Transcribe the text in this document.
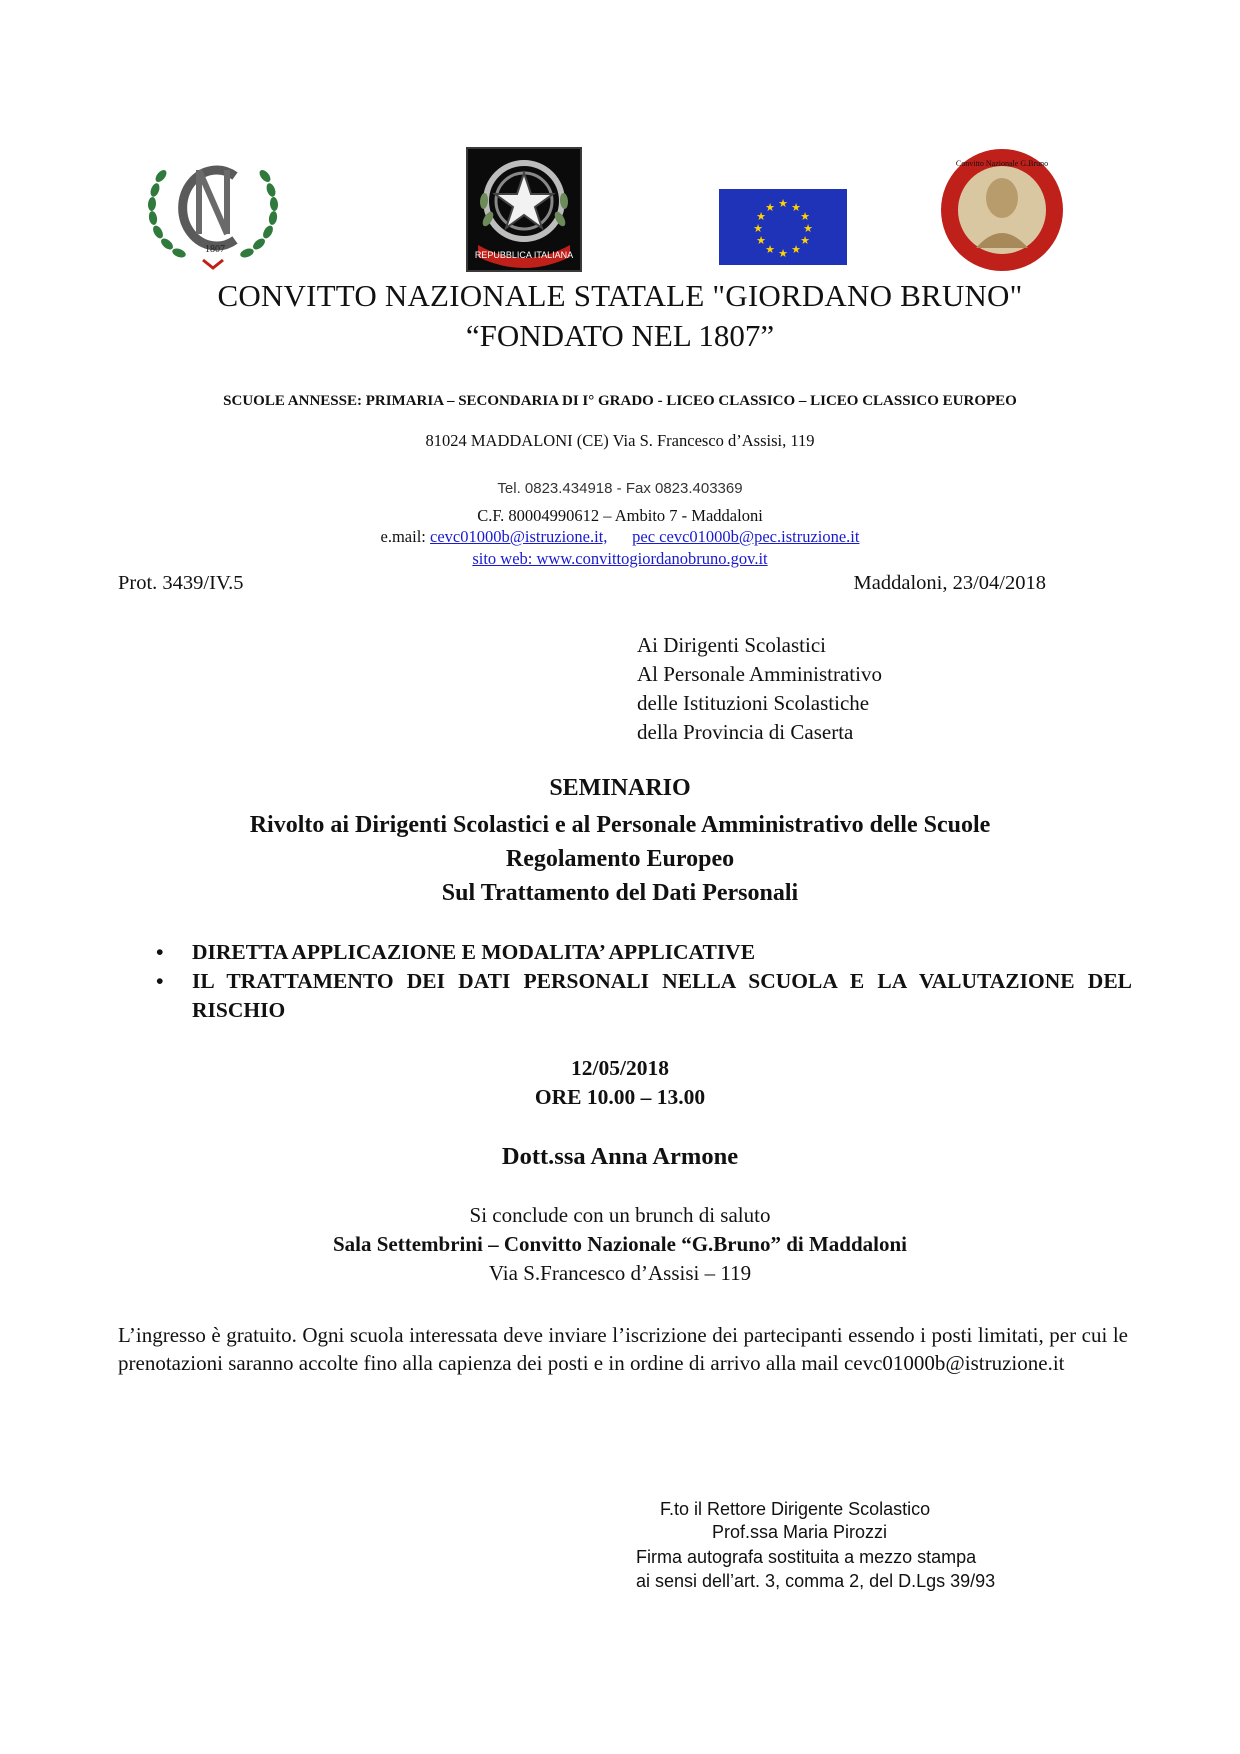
1807	REPUBBLICA ITALIANA
★ ★
★
★
★
★
★
★
★
★
★
★
Convitto Nazionale G.Bruno
CONVITTO NAZIONALE STATALE "GIORDANO BRUNO"
“FONDATO NEL 1807”
SCUOLE ANNESSE: PRIMARIA – SECONDARIA DI I° GRADO - LICEO CLASSICO – LICEO CLASSICO EUROPEO
81024 MADDALONI (CE) Via S. Francesco d’Assisi, 119
Tel. 0823.434918 - Fax 0823.403369
C.F. 80004990612 – Ambito 7 - Maddaloni
e.mail: cevc01000b@istruzione.it, pec cevc01000b@pec.istruzione.it
sito web: www.convittogiordanobruno.gov.it
Prot. 3439/IV.5	Maddaloni, 23/04/2018
Ai Dirigenti Scolastici
Al Personale Amministrativo
delle Istituzioni Scolastiche
della Provincia di Caserta
SEMINARIO
Rivolto ai Dirigenti Scolastici e al Personale Amministrativo delle Scuole
Regolamento Europeo
Sul Trattamento del Dati Personali
• DIRETTA APPLICAZIONE E MODALITA’ APPLICATIVE
• IL TRATTAMENTO DEI DATI PERSONALI NELLA SCUOLA E LA VALUTAZIONE DEL RISCHIO
12/05/2018
ORE 10.00 – 13.00
Dott.ssa Anna Armone
Si conclude con un brunch di saluto
Sala Settembrini – Convitto Nazionale “G.Bruno” di Maddaloni
Via S.Francesco d’Assisi – 119
L’ingresso è gratuito. Ogni scuola interessata deve inviare l’iscrizione dei partecipanti essendo i posti limitati, per cui le prenotazioni saranno accolte fino alla capienza dei posti e in ordine di arrivo alla mail cevc01000b@istruzione.it
F.to il Rettore Dirigente Scolastico
Prof.ssa Maria Pirozzi
Firma autografa sostituita a mezzo stampa
ai sensi dell’art. 3, comma 2, del D.Lgs 39/93
